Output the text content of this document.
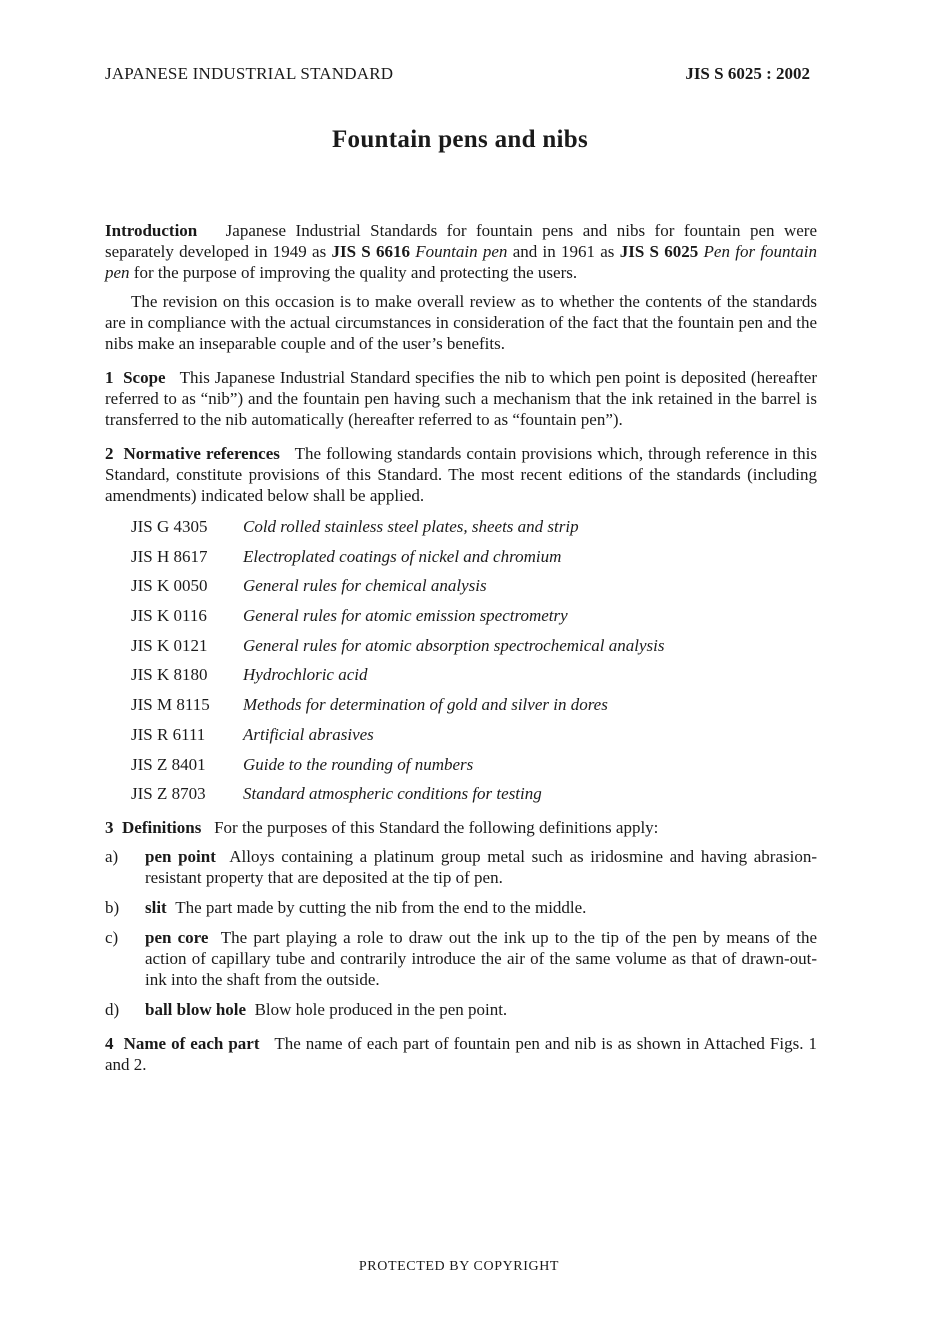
JAPANESE INDUSTRIAL STANDARD	JIS S 6025 : 2002
Fountain pens and nibs

Introduction Japanese Industrial Standards for fountain pens and nibs for fountain pen were separately developed in 1949 as JIS S 6616 Fountain pen and in 1961 as JIS S 6025 Pen for fountain pen for the purpose of improving the quality and protecting the users.

The revision on this occasion is to make overall review as to whether the contents of the standards are in compliance with the actual circumstances in consideration of the fact that the fountain pen and the nibs make an inseparable couple and of the user’s benefits.

1 Scope This Japanese Industrial Standard specifies the nib to which pen point is deposited (hereafter referred to as “nib”) and the fountain pen having such a mechanism that the ink retained in the barrel is transferred to the nib automatically (hereafter referred to as “fountain pen”).

2 Normative references The following standards contain provisions which, through reference in this Standard, constitute provisions of this Standard. The most recent editions of the standards (including amendments) indicated below shall be applied.

JIS G 4305	Cold rolled stainless steel plates, sheets and strip
JIS H 8617	Electroplated coatings of nickel and chromium
JIS K 0050	General rules for chemical analysis
JIS K 0116	General rules for atomic emission spectrometry
JIS K 0121	General rules for atomic absorption spectrochemical analysis
JIS K 8180	Hydrochloric acid
JIS M 8115	Methods for determination of gold and silver in dores
JIS R 6111	Artificial abrasives
JIS Z 8401	Guide to the rounding of numbers
JIS Z 8703	Standard atmospheric conditions for testing

3 Definitions For the purposes of this Standard the following definitions apply:

a)	pen point Alloys containing a platinum group metal such as iridosmine and having abrasion-resistant property that are deposited at the tip of pen.
b)	slit The part made by cutting the nib from the end to the middle.
c)	pen core The part playing a role to draw out the ink up to the tip of the pen by means of the action of capillary tube and contrarily introduce the air of the same volume as that of drawn-out-ink into the shaft from the outside.
d)	ball blow hole Blow hole produced in the pen point.

4 Name of each part The name of each part of fountain pen and nib is as shown in Attached Figs. 1 and 2.

PROTECTED BY COPYRIGHT
